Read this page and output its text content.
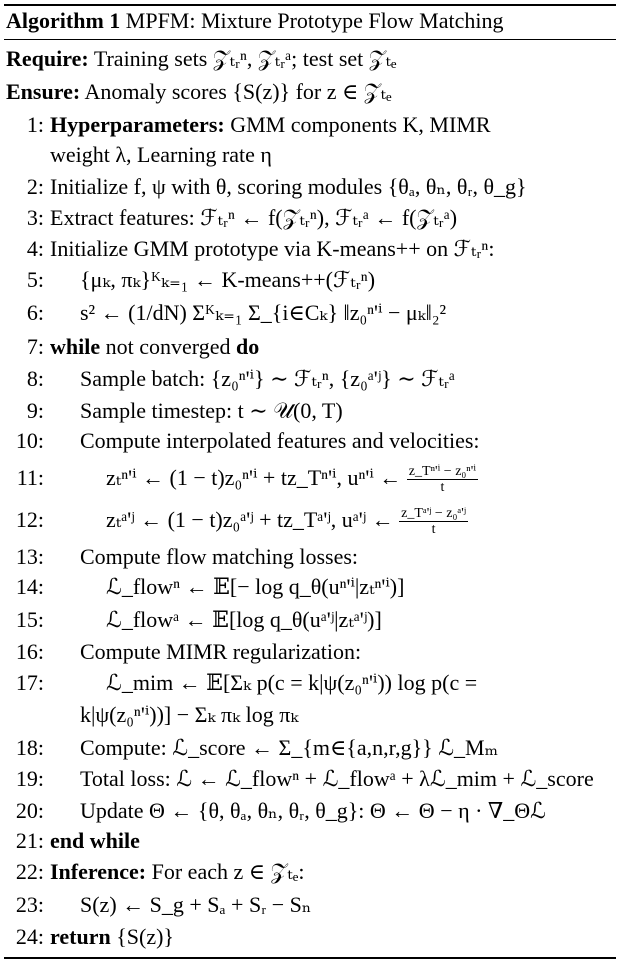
Algorithm 1 MPFM: Mixture Prototype Flow Matching
Require: Training sets 𝒵ₜᵣⁿ, 𝒵ₜᵣᵃ; test set 𝒵ₜₑ
Ensure: Anomaly scores {S(z)} for z ∈ 𝒵ₜₑ
1: Hyperparameters: GMM components K, MIMR
weight λ, Learning rate η
2: Initialize f, ψ with θ, scoring modules {θₐ, θₙ, θᵣ, θ_g}
3: Extract features: ℱₜᵣⁿ ← f(𝒵ₜᵣⁿ), ℱₜᵣᵃ ← f(𝒵ₜᵣᵃ)
4: Initialize GMM prototype via K-means++ on ℱₜᵣⁿ:
5: {μₖ, πₖ}ᴷₖ₌₁ ← K-means++(ℱₜᵣⁿ)
6: s² ← (1/dN) Σᴷₖ₌₁ Σ_{i∈Cₖ} ‖z₀ⁿ'ⁱ − μₖ‖₂²
7: while not converged do
8: Sample batch: {z₀ⁿ'ⁱ} ∼ ℱₜᵣⁿ, {z₀ᵃ'ʲ} ∼ ℱₜᵣᵃ
9: Sample timestep: t ∼ 𝒰(0, T)
10: Compute interpolated features and velocities:
11:	zₜⁿ'ⁱ ← (1 − t)z₀ⁿ'ⁱ + tz_Tⁿ'ⁱ, uⁿ'ⁱ ← $\frac{\text{z\_Tⁿ'ⁱ − z₀ⁿ'ⁱ}}{t}$
12:	zₜᵃ'ʲ ← (1 − t)z₀ᵃ'ʲ + tz_Tᵃ'ʲ, uᵃ'ʲ ← $\frac{\text{z\_Tᵃ'ʲ − z₀ᵃ'ʲ}}{t}$
13: Compute flow matching losses:
14:	ℒ_flowⁿ ← 𝔼[− log q_θ(uⁿ'ⁱ|zₜⁿ'ⁱ)]
15:	ℒ_flowᵃ ← 𝔼[log q_θ(uᵃ'ʲ|zₜᵃ'ʲ)]
16: Compute MIMR regularization:
17:	ℒ_mim ← 𝔼[Σₖ p(c = k|ψ(z₀ⁿ'ⁱ)) log p(c =
k|ψ(z₀ⁿ'ⁱ))] − Σₖ πₖ log πₖ
18: Compute: ℒ_score ← Σ_{m∈{a,n,r,g}} ℒ_Mₘ
19: Total loss: ℒ ← ℒ_flowⁿ + ℒ_flowᵃ + λℒ_mim + ℒ_score
20: Update Θ ← {θ, θₐ, θₙ, θᵣ, θ_g}: Θ ← Θ − η · ∇_Θℒ
21: end while
22: Inference: For each z ∈ 𝒵ₜₑ:
23: S(z) ← S_g + Sₐ + Sᵣ − Sₙ
24: return {S(z)}
